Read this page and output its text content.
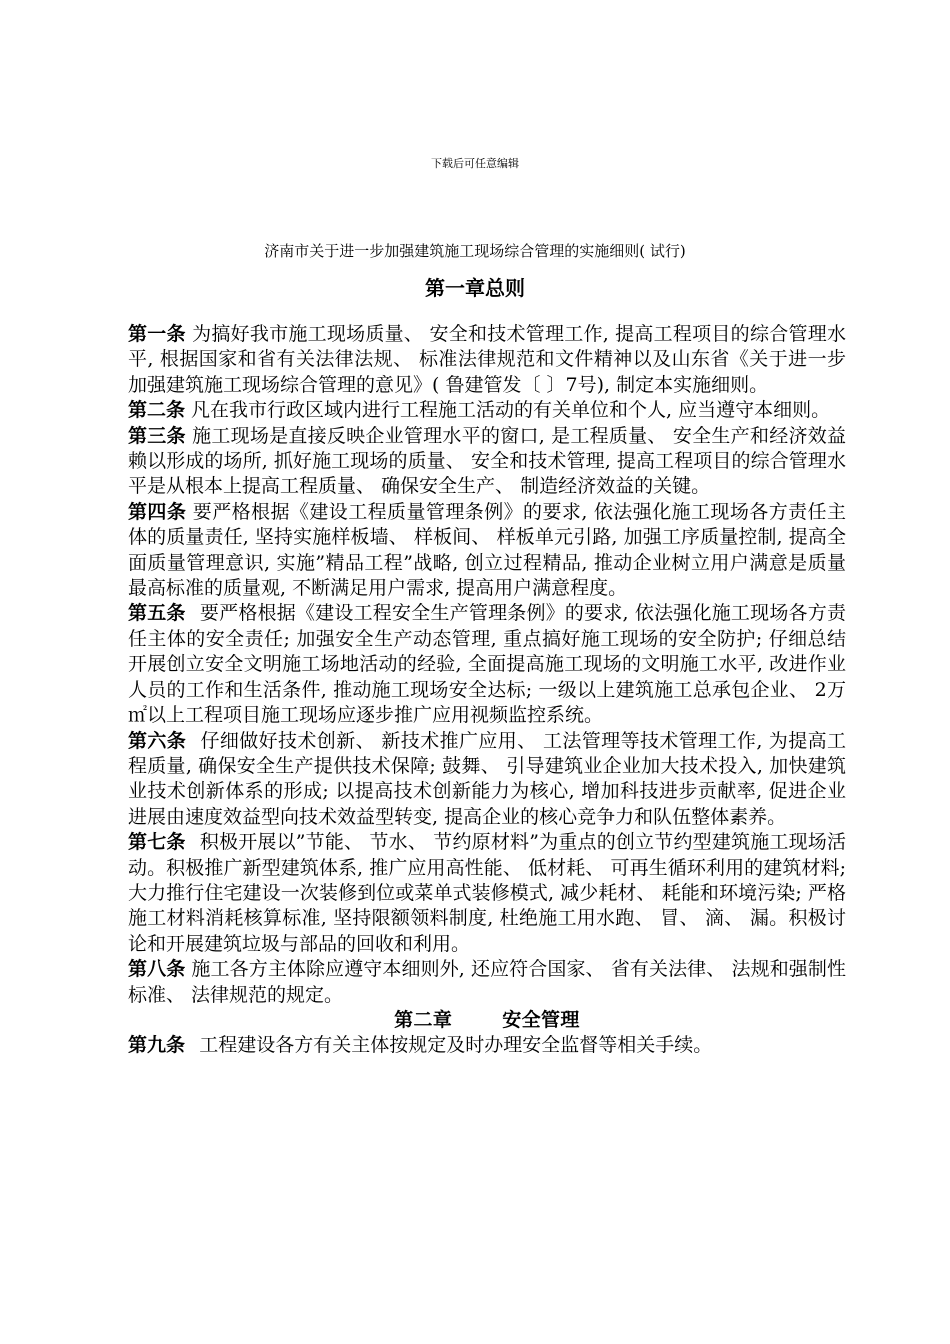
下载后可任意编辑
济南市关于进一步加强建筑施工现场综合管理的实施细则( 试行)
第一章总则

第一条 为搞好我市施工现场质量、 安全和技术管理工作, 提高工程项目的综合管理水平, 根据国家和省有关法律法规、 标准法律规范和文件精神以及山东省《关于进一步加强建筑施工现场综合管理的意见》( 鲁建管发〔 〕7号), 制定本实施细则。

第二条 凡在我市行政区域内进行工程施工活动的有关单位和个人, 应当遵守本细则。

第三条 施工现场是直接反映企业管理水平的窗口, 是工程质量、 安全生产和经济效益赖以形成的场所, 抓好施工现场的质量、 安全和技术管理, 提高工程项目的综合管理水平是从根本上提高工程质量、 确保安全生产、 制造经济效益的关键。

第四条 要严格根据《建设工程质量管理条例》的要求, 依法强化施工现场各方责任主体的质量责任, 坚持实施样板墙、 样板间、 样板单元引路, 加强工序质量控制, 提高全面质量管理意识, 实施”精品工程”战略, 创立过程精品, 推动企业树立用户满意是质量最高标准的质量观, 不断满足用户需求, 提高用户满意程度。

第五条 要严格根据《建设工程安全生产管理条例》的要求, 依法强化施工现场各方责任主体的安全责任; 加强安全生产动态管理, 重点搞好施工现场的安全防护; 仔细总结开展创立安全文明施工场地活动的经验, 全面提高施工现场的文明施工水平, 改进作业人员的工作和生活条件, 推动施工现场安全达标; 一级以上建筑施工总承包企业、 2万㎡以上工程项目施工现场应逐步推广应用视频监控系统。

第六条 仔细做好技术创新、 新技术推广应用、 工法管理等技术管理工作, 为提高工程质量, 确保安全生产提供技术保障; 鼓舞、 引导建筑业企业加大技术投入, 加快建筑业技术创新体系的形成; 以提高技术创新能力为核心, 增加科技进步贡献率, 促进企业进展由速度效益型向技术效益型转变, 提高企业的核心竞争力和队伍整体素养。

第七条 积极开展以”节能、 节水、 节约原材料”为重点的创立节约型建筑施工现场活动。积极推广新型建筑体系, 推广应用高性能、 低材耗、 可再生循环利用的建筑材料; 大力推行住宅建设一次装修到位或菜单式装修模式, 减少耗材、 耗能和环境污染; 严格施工材料消耗核算标准, 坚持限额领料制度, 杜绝施工用水跑、 冒、 滴、 漏。积极讨论和开展建筑垃圾与部品的回收和利用。

第八条 施工各方主体除应遵守本细则外, 还应符合国家、 省有关法律、 法规和强制性标准、 法律规范的规定。

第二章	安全管理

第九条 工程建设各方有关主体按规定及时办理安全监督等相关手续。
